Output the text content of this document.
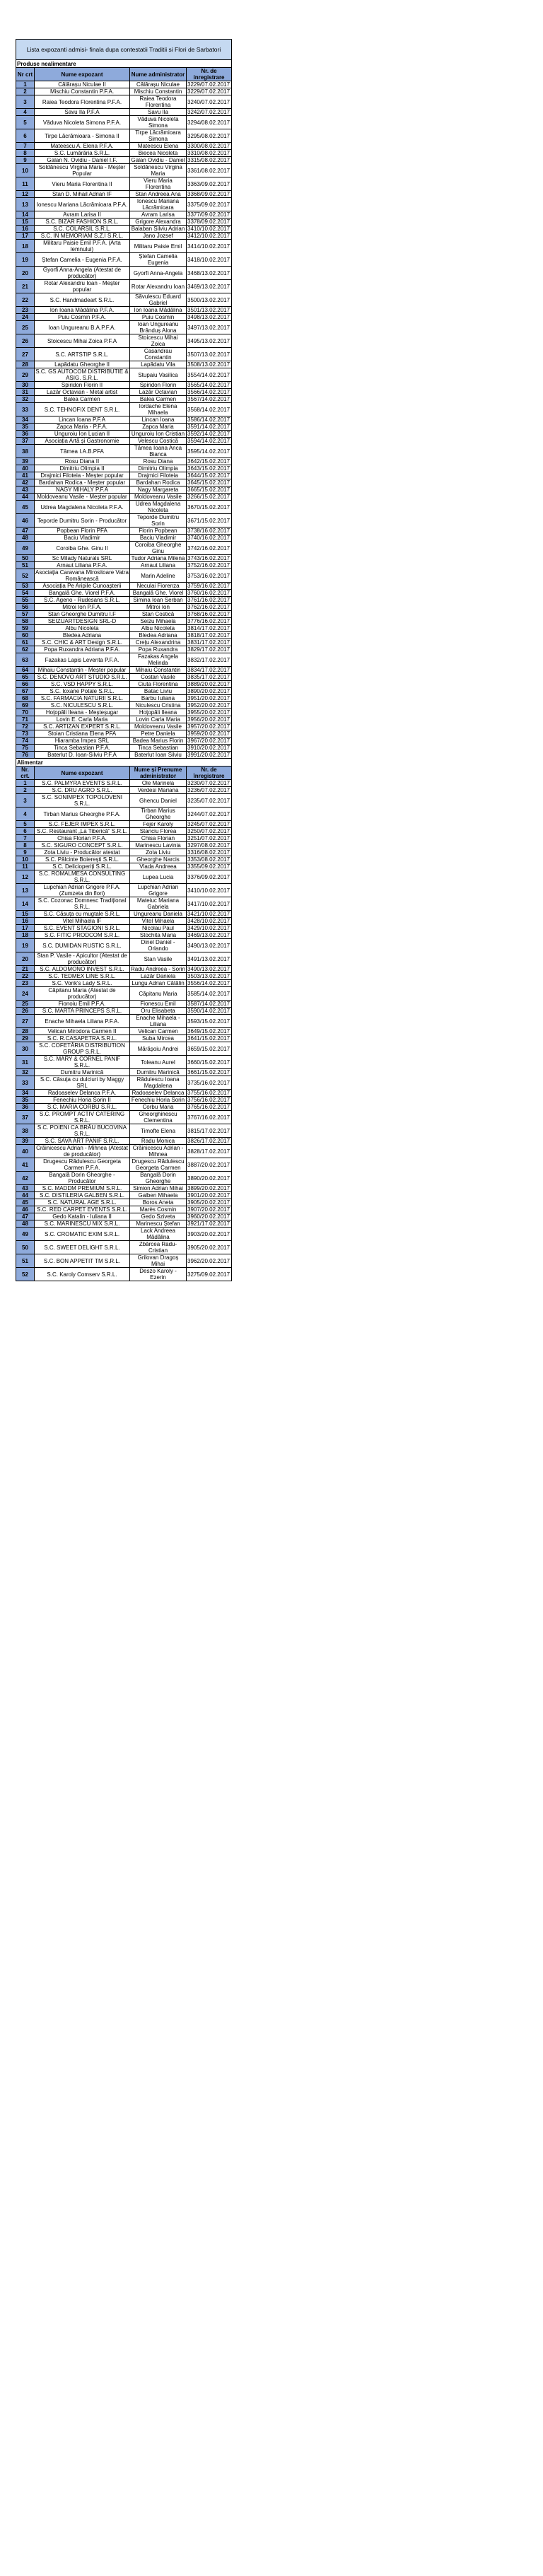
Lista expozanti admisi- finala dupa contestatii Traditii si Flori de Sarbatori			
Produse nealimentare			
Nr crt	Nume expozant	Nume administrator	Nr. de inregistrare
1	Călărașu Niculae II	Călărașu Niculae	3229/07.02.2017
2	Mischiu Constantin P.F.A.	Mischiu Constantin	3229/07.02.2017
3	Raiea Teodora Florentina P.F.A.	Raiea Teodora Florentina	3240/07.02.2017
4	Savu Ila P.F.A	Savu Ila	3242/07.02.2017
5	Văduva Nicoleta Simona P.F.A.	Văduva Nicoleta Simona	3294/08.02.2017
6	Tirpe Lăcrămioara - Simona II	Tirpe Lăcrămioara Simona	3295/08.02.2017
7	Mateescu A. Elena P.F.A.	Mateescu Elena	3300/08.02.2017
8	S.C. Lumărăria S.R.L.	Biecea Nicoleta	3310/08.02.2017
9	Galan N. Ovidiu - Daniel I.F.	Galan Ovidiu - Daniel	3315/08.02.2017
10	Soldănescu Virgina Maria - Meșter Popular	Soldănescu Virgina Maria	3361/08.02.2017
11	Vieru Maria Florentina II	Vieru Maria Florentina	3363/09.02.2017
12	Stan D. Mihail Adrian IF	Stan Andreea Ana	3368/09.02.2017
13	Ionescu Mariana Lăcrămioara P.F.A.	Ionescu Mariana Lăcrămioara	3375/09.02.2017
14	Avram Larisa II	Avram Larisa	3377/09.02.2017
15	S.C. BIZAR FASHION S.R.L.	Grigore Alexandra	3378/09.02.2017
16	S.C. COLARSIL S.R.L.	Balaban Silviu Adrian	3410/10.02.2017
17	S.C. IN MEMORIAM S.Z.I S.R.L.	Jano Jozsef	3412/10.02.2017
18	Militaru Paisie Emil P.F.A. (Arta lemnului)	Militaru Paisie Emil	3414/10.02.2017
19	Ștefan Camelia - Eugenia P.F.A.	Ștefan Camelia Eugenia	3418/10.02.2017
20	Gyorfi Anna-Angela (Atestat de producător)	Gyorfi Anna-Angela	3468/13.02.2017
21	Rotar Alexandru Ioan - Meșter popular	Rotar Alexandru Ioan	3469/13.02.2017
22	S.C. Handmadeart S.R.L.	Săvulescu Eduard Gabriel	3500/13.02.2017
23	Ion Ioana Mădălina P.F.A.	Ion Ioana Mădălina	3501/13.02.2017
24	Puiu Cosmin P.F.A.	Puiu Cosmin	3498/13.02.2017
25	Ioan Ungureanu B.A.P.F.A.	Ioan Ungureanu Brânduș Alona	3497/13.02.2017
26	Stoicescu Mihai Zoica P.F.A	Stoicescu Mihai Zoica	3495/13.02.2017
27	S.C. ARTSTIP S.R.L.	Casandrau Constantin	3507/13.02.2017
28	Lapădatu Gheorghe II	Lapădatu Vila	3508/13.02.2017
29	S.C. GS AUTOCOM DISTRIBUTIE & ASIG. S.R.L.	Stupaiu Vasilica	3554/14.02.2017
30	Spiridon Florin II	Spiridon Florin	3565/14.02.2017
31	Lazăr Octavian - Metal artist	Lazăr Octavian	3566/14.02.2017
32	Balea Carmen	Balea Carmen	3567/14.02.2017
33	S.C. TEHNOFIX DENT S.R.L.	Iordache Elena Mihaela	3568/14.02.2017
34	Lincan Ioana P.F.A	Lincan Ioana	3586/14.02.2017
35	Zapca Maria - P.F.A.	Zapca Maria	3591/14.02.2017
36	Unguroiu Ion Lucian II	Unguroiu Ion Cristian	3592/14.02.2017
37	Asociația Artă și Gastronomie	Velescu Costică	3594/14.02.2017
38	Tămea I.A.B.PFA	Tămea Ioana Anca Bianca	3595/14.02.2017
39	Rosu Diana II	Rosu Diana	3642/15.02.2017
40	Dimitriu Olimpia II	Dimitriu Olimpia	3643/15.02.2017
41	Drajmici Filoteia - Meșter popular	Drajmici Filoteia	3644/15.02.2017
42	Bardahan Rodica - Meșter popular	Bardahan Rodica	3645/15.02.2017
43	NAGY MIHALY P.F.A	Nagy Margareta	3665/15.02.2017
44	Moldoveanu Vasile - Meșter popular	Moldoveanu Vasile	3266/15.02.2017
45	Udrea Magdalena Nicoleta P.F.A.	Udrea Magdalena Nicoleta	3670/15.02.2017
46	Teporde Dumitru Sorin - Producător	Teporde Dumitru Sorin	3671/15.02.2017
47	Popbean Florin PFA	Florin Popbean	3738/16.02.2017
48	Baciu Vladimir	Baciu Vladimir	3740/16.02.2017
49	Coroiba Ghe. Ginu II	Coroiba Gheorghe Ginu	3742/16.02.2017
50	Sc Milady Naturals SRL	Tudor Adriana Milena	3743/16.02.2017
51	Arnaut Liliana P.F.A.	Arnaut Liliana	3752/16.02.2017
52	Asociația Caravana Mirositoare Vatra Românească	Marin Adeline	3753/16.02.2017
53	Asociația Pe Aripile Cunoașterii	Neculai Fiorenza	3759/16.02.2017
54	Bangală Ghe. Viorel P.F.A.	Bangală Ghe. Viorel	3760/16.02.2017
55	S.C. Ageno - Rudesans S.R.L.	Simina Ioan Serban	3761/16.02.2017
56	Mitroi Ion P.F.A.	Mitroi Ion	3762/16.02.2017
57	Stan Gheorghe Dumitru I.F	Stan Costică	3768/16.02.2017
58	SEIZUARTDESIGN SRL-D	Seizu Mihaela	3776/16.02.2017
59	Albu Nicoleta	Albu Nicoleta	3814/17.02.2017
60	Bledea Adriana	Bledea Adriana	3818/17.02.2017
61	S.C. CHIC & ART Design S.R.L.	Crețu Alexandrina	3831/17.02.2017
62	Popa Ruxandra Adriana P.F.A.	Popa Ruxandra	3829/17.02.2017
63	Fazakas Lapis Leventa P.F.A.	Fazakas Angela Melinda	3832/17.02.2017
64	Mihaiu Constantin - Meșter popular	Mihaiu Constantin	3834/17.02.2017
65	S.C. DENOVO ART STUDIO S.R.L.	Costan Vasile	3835/17.02.2017
66	S.C. VSD HAPPY S.R.L.	Ciuta Florentina	3889/20.02.2017
67	S.C. Ioxane Potale S.R.L.	Batac Liviu	3890/20.02.2017
68	S.C. FARMACIA NATURII S.R.L.	Barbu Iuliana	3951/20.02.2017
69	S.C. NICULESCU S.R.L.	Niculescu Cristina	3952/20.02.2017
70	Hoțopăli Ileana - Meșteșugar	Hoțopăli Ileana	3955/20.02.2017
71	Lovin E. Carla Maria	Lovin Carla Maria	3956/20.02.2017
72	S.C. ARTIZAN EXPERT S.R.L.	Moldoveanu Vasile	3957/20.02.2017
73	Stoian Cristiana Elena PFA	Petre Daniela	3959/20.02.2017
74	Hiaramba Impex SRL	Badea Marius Florin	3967/20.02.2017
75	Tinca Sebastian P.F.A.	Tinca Sebastian	3910/20.02.2017
76	Baterlut D. Ioan-Silviu P.F.A	Baterlut Ioan Silviu	3991/20.02.2017
Alimentar			
Nr. crt.	Nume expozant	Nume și Prenume administrator	Nr. de înregistrare
1	S.C. PALMYRA EVENTS S.R.L.	Ole Marinela	3230/07.02.2017
2	S.C. DRU AGRO S.R.L.	Verdesi Mariana	3236/07.02.2017
3	S.C. SONIMPEX TOPOLOVENI S.R.L.	Ghencu Daniel	3235/07.02.2017
4	Tirban Marius Gheorghe P.F.A.	Tirban Marius Gheorghe	3244/07.02.2017
5	S.C. FEJER IMPEX S.R.L.	Fejer Karoly	3245/07.02.2017
6	S.C. Restaurant „La Tiberică” S.R.L.	Stanciu Florea	3250/07.02.2017
7	Chisa Florian P.F.A.	Chisa Florian	3251/07.02.2017
8	S.C. SIGURO CONCEPT S.R.L.	Marinescu Lavinia	3297/08.02.2017
9	Zota Liviu - Producător atestat	Zota Liviu	3316/08.02.2017
10	S.C. Pălcinte Boierești S.R.L.	Gheorghe Narcis	3353/08.02.2017
11	S.C. Delicioperiți S.R.L.	Vlada Andreea	3355/09.02.2017
12	S.C. ROMALMESA CONSULTING S.R.L.	Lupea Lucia	3376/09.02.2017
13	Lupchian Adrian Grigore P.F.A. (Zumzeta din flori)	Lupchian Adrian Grigore	3410/10.02.2017
14	S.C. Cozonac Domnesc Tradițional S.R.L.	Mateiuc Mariana Gabriela	3417/10.02.2017
15	S.C. Căsuța cu mugtale S.R.L.	Ungureanu Daniela	3421/10.02.2017
16	Vitel Mihaela IF	Vitel Mihaela	3428/10.02.2017
17	S.C. EVENT STAGIONI S.R.L.	Nicolau Paul	3429/10.02.2017
18	S.C. FITIC PRODCOM S.R.L.	Stochita Maria	3469/13.02.2017
19	S.C. DUMIDAN RUSTIC S.R.L.	Dinel Daniel - Orlando	3490/13.02.2017
20	Stan P. Vasile - Apicultor (Atestat de producător)	Stan Vasile	3491/13.02.2017
21	S.C. ALDOMONO INVEST S.R.L.	Radu Andreea - Sorin	3490/13.02.2017
22	S.C. TEDMEX LINE S.R.L.	Lazăr Daniela	3503/13.02.2017
23	S.C. Vonk's Lady S.R.L.	Lungu Adrian Cătălin	3556/14.02.2017
24	Căpitanu Maria (Atestat de producător)	Căpitanu Maria	3585/14.02.2017
25	Fionoiu Emil P.F.A.	Fionescu Emil	3587/14.02.2017
26	S.C. MARTA PRINCEPS S.R.L.	Oru Elisabeta	3590/14.02.2017
27	Enache Mihaela Liliana P.F.A.	Enache Mihaela - Liliana	3593/15.02.2017
28	Velican Mirodora Carmen II	Velican Carmen	3649/15.02.2017
29	S.C. R.CASAPETRA S.R.L.	Suba Mircea	3641/15.02.2017
30	S.C. COFETĂRIA DISTRIBUTION GROUP S.R.L.	Mărășoiu Andrei	3659/15.02.2017
31	S.C. MARY & CORNEL PANIF S.R.L.	Toleanu Aurel	3660/15.02.2017
32	Dumitru Marinică	Dumitru Marinică	3661/15.02.2017
33	S.C. Căsuța cu dulciuri by Maggy SRL	Rădulescu Ioana Magdalena	3735/16.02.2017
34	Radoaselev Delanca P.F.A.	Radoaselev Delanca	3755/16.02.2017
35	Fenechiu Horia Sorin II	Fenechiu Horia Sorin	3756/16.02.2017
36	S.C. MARIA CORBU S.R.L.	Corbu Maria	3765/16.02.2017
37	S.C. PROMPT ACTIV CATERING S.R.L.	Gheorghinescu Clementina	3767/16.02.2017
38	S.C. POIENI CA BRĂU BUCOVINA S.R.L.	Timofte Elena	3815/17.02.2017
39	S.C. SAVA ART PANIF S.R.L.	Radu Monica	3826/17.02.2017
40	Crăinicescu Adrian - Mihnea (Atestat de producător)	Crăinicescu Adrian - Mihnea	3828/17.02.2017
41	Drugescu Rădulescu Georgeta Carmen P.F.A.	Drugescu Rădulescu Georgeta Carmen	3887/20.02.2017
42	Bangală Dorin Gheorghe - Producător	Bangală Dorin Gheorghe	3890/20.02.2017
43	S.C. MADDM PREMIUM S.R.L.	Simion Adrian Mihai	3899/20.02.2017
44	S.C. DISTILERIA GALBEN S.R.L.	Galben Mihaela	3901/20.02.2017
45	S.C. NATURAL AGE S.R.L.	Boros Aneta	3905/20.02.2017
46	S.C. RED CARPET EVENTS S.R.L.	Marès Cosmin	3907/20.02.2017
47	Gedo Katalin - Iuliana II	Gedo Sziveta	3960/20.02.2017
48	S.C. MARINESCU MIX S.R.L.	Marinescu Ștefan	3921/17.02.2017
49	S.C. CROMATIC EXIM S.R.L.	Lack Andreea Mădălina	3903/20.02.2017
50	S.C. SWEET DELIGHT S.R.L.	Zbârcea Radu-Cristian	3905/20.02.2017
51	S.C. BON APPETIT TM S.R.L.	Grilovan Dragoș Mihai	3962/20.02.2017
52	S.C. Karoly Comserv S.R.L.	Deszo Karoly - Ezerin	3275/09.02.2017
